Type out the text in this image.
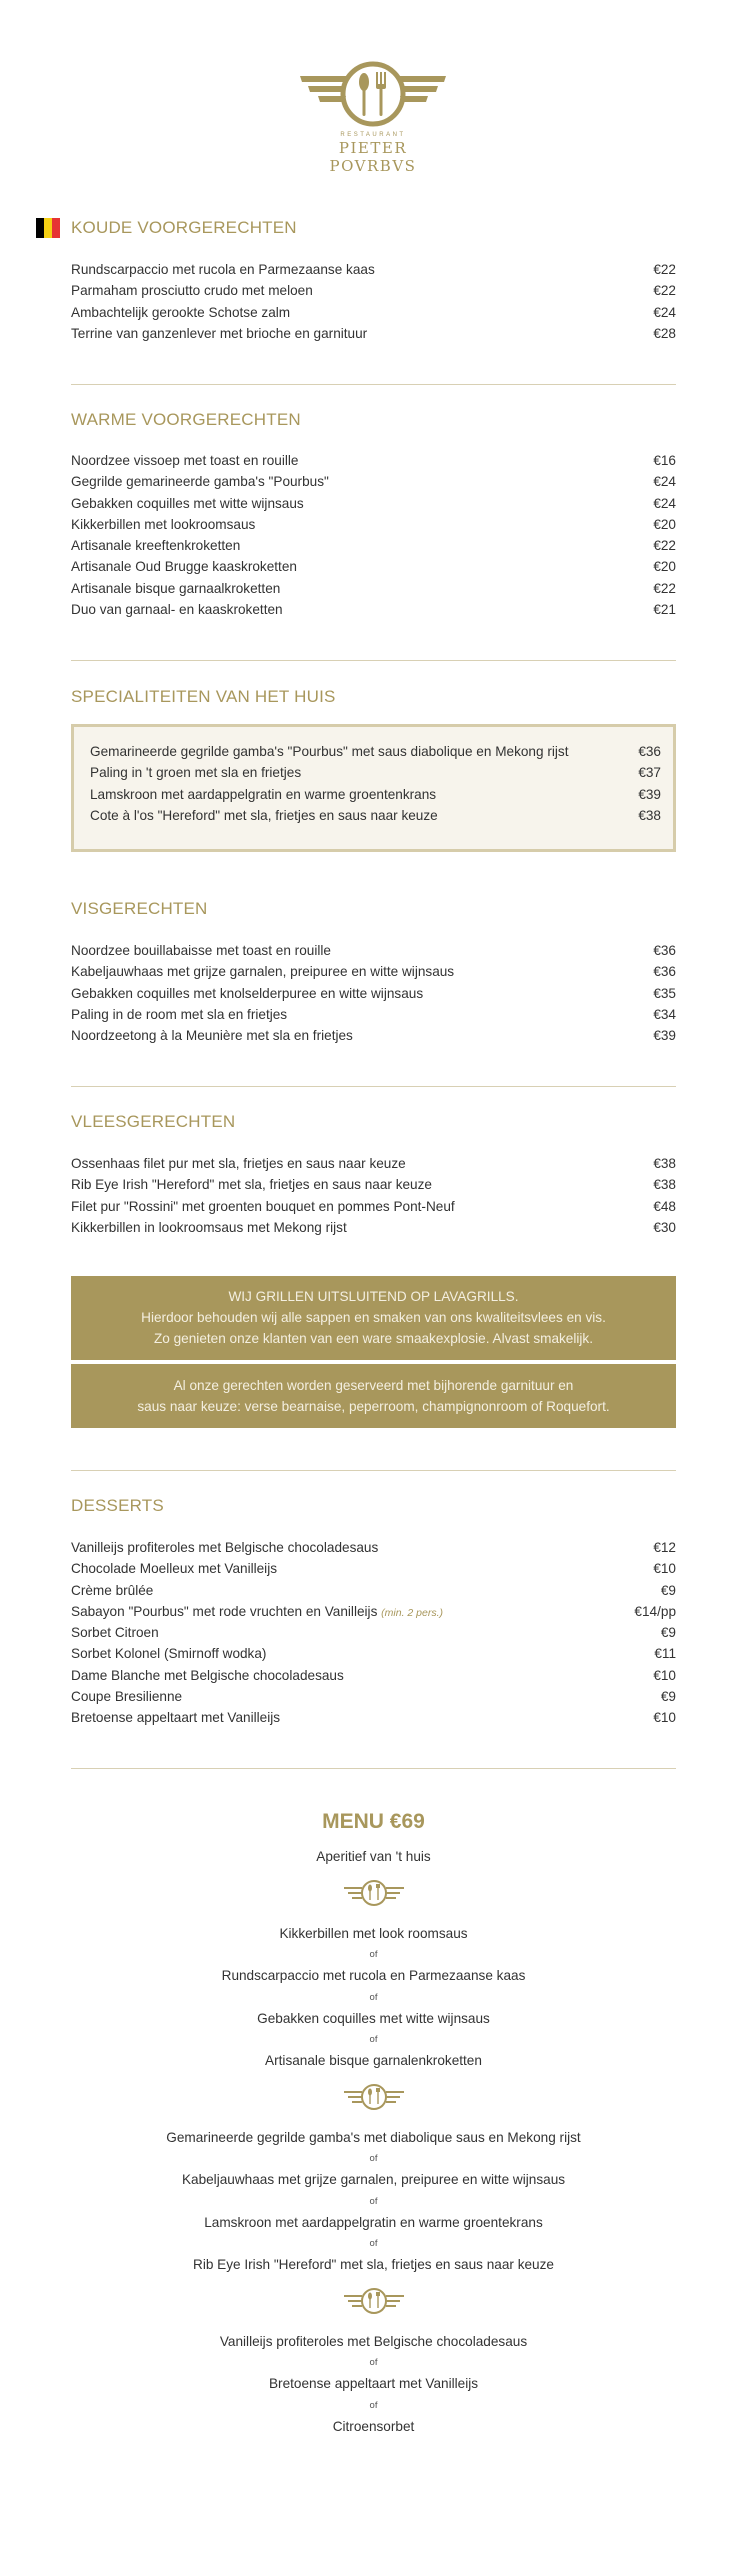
RESTAURANT
PIETER POVRBVS
KOUDE VOORGERECHTEN
Rundscarpaccio met rucola en Parmezaanse kaas	€22
Parmaham prosciutto crudo met meloen	€22
Ambachtelijk gerookte Schotse zalm	€24
Terrine van ganzenlever met brioche en garnituur	€28
WARME VOORGERECHTEN
Noordzee vissoep met toast en rouille	€16
Gegrilde gemarineerde gamba's "Pourbus"	€24
Gebakken coquilles met witte wijnsaus	€24
Kikkerbillen met lookroomsaus	€20
Artisanale kreeftenkroketten	€22
Artisanale Oud Brugge kaaskroketten	€20
Artisanale bisque garnaalkroketten	€22
Duo van garnaal- en kaaskroketten	€21
SPECIALITEITEN VAN HET HUIS
Gemarineerde gegrilde gamba's "Pourbus" met saus diabolique en Mekong rijst	€36
Paling in 't groen met sla en frietjes	€37
Lamskroon met aardappelgratin en warme groentenkrans	€39
Cote à l'os "Hereford" met sla, frietjes en saus naar keuze	€38
VISGERECHTEN
Noordzee bouillabaisse met toast en rouille	€36
Kabeljauwhaas met grijze garnalen, preipuree en witte wijnsaus	€36
Gebakken coquilles met knolselderpuree en witte wijnsaus	€35
Paling in de room met sla en frietjes	€34
Noordzeetong à la Meunière met sla en frietjes	€39
VLEESGERECHTEN
Ossenhaas filet pur met sla, frietjes en saus naar keuze	€38
Rib Eye Irish "Hereford" met sla, frietjes en saus naar keuze	€38
Filet pur "Rossini" met groenten bouquet en pommes Pont-Neuf	€48
Kikkerbillen in lookroomsaus met Mekong rijst	€30
WIJ GRILLEN UITSLUITEND OP LAVAGRILLS.
Hierdoor behouden wij alle sappen en smaken van ons kwaliteitsvlees en vis.
Zo genieten onze klanten van een ware smaakexplosie. Alvast smakelijk.
Al onze gerechten worden geserveerd met bijhorende garnituur en
saus naar keuze: verse bearnaise, peperroom, champignonroom of Roquefort.
DESSERTS
Vanilleijs profiteroles met Belgische chocoladesaus	€12
Chocolade Moelleux met Vanilleijs	€10
Crème brûlée	€9
Sabayon "Pourbus" met rode vruchten en Vanilleijs (min. 2 pers.)	€14/pp
Sorbet Citroen	€9
Sorbet Kolonel (Smirnoff wodka)	€11
Dame Blanche met Belgische chocoladesaus	€10
Coupe Bresilienne	€9
Bretoense appeltaart met Vanilleijs	€10
MENU €69
Aperitief van 't huis
Kikkerbillen met look roomsaus
of
Rundscarpaccio met rucola en Parmezaanse kaas
of
Gebakken coquilles met witte wijnsaus
of
Artisanale bisque garnalenkroketten
Gemarineerde gegrilde gamba's met diabolique saus en Mekong rijst
of
Kabeljauwhaas met grijze garnalen, preipuree en witte wijnsaus
of
Lamskroon met aardappelgratin en warme groentekrans
of
Rib Eye Irish "Hereford" met sla, frietjes en saus naar keuze
Vanilleijs profiteroles met Belgische chocoladesaus
of
Bretoense appeltaart met Vanilleijs
of
Citroensorbet
